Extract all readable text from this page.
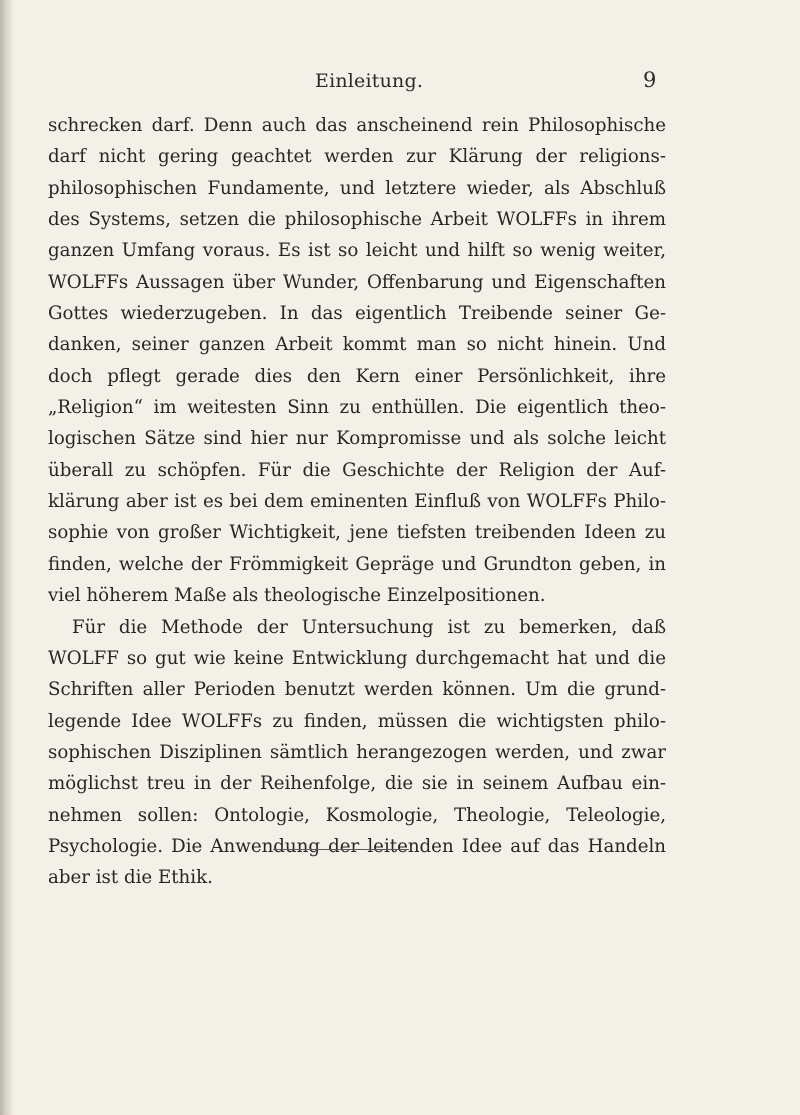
Einleitung.	9
schrecken darf. Denn auch das anscheinend rein Philosophische
darf nicht gering geachtet werden zur Klärung der religions-
philosophischen Fundamente, und letztere wieder, als Abschluß
des Systems, setzen die philosophische Arbeit WOLFFs in ihrem
ganzen Umfang voraus. Es ist so leicht und hilft so wenig weiter,
WOLFFs Aussagen über Wunder, Offenbarung und Eigenschaften
Gottes wiederzugeben. In das eigentlich Treibende seiner Ge-
danken, seiner ganzen Arbeit kommt man so nicht hinein. Und
doch pflegt gerade dies den Kern einer Persönlichkeit, ihre
„Religion“ im weitesten Sinn zu enthüllen. Die eigentlich theo-
logischen Sätze sind hier nur Kompromisse und als solche leicht
überall zu schöpfen. Für die Geschichte der Religion der Auf-
klärung aber ist es bei dem eminenten Einfluß von WOLFFs Philo-
sophie von großer Wichtigkeit, jene tiefsten treibenden Ideen zu
finden, welche der Frömmigkeit Gepräge und Grundton geben, in
viel höherem Maße als theologische Einzelpositionen.
Für die Methode der Untersuchung ist zu bemerken, daß
WOLFF so gut wie keine Entwicklung durchgemacht hat und die
Schriften aller Perioden benutzt werden können. Um die grund-
legende Idee WOLFFs zu finden, müssen die wichtigsten philo-
sophischen Disziplinen sämtlich herangezogen werden, und zwar
möglichst treu in der Reihenfolge, die sie in seinem Aufbau ein-
nehmen sollen: Ontologie, Kosmologie, Theologie, Teleologie,
Psychologie. Die Anwendung der leitenden Idee auf das Handeln
aber ist die Ethik.
